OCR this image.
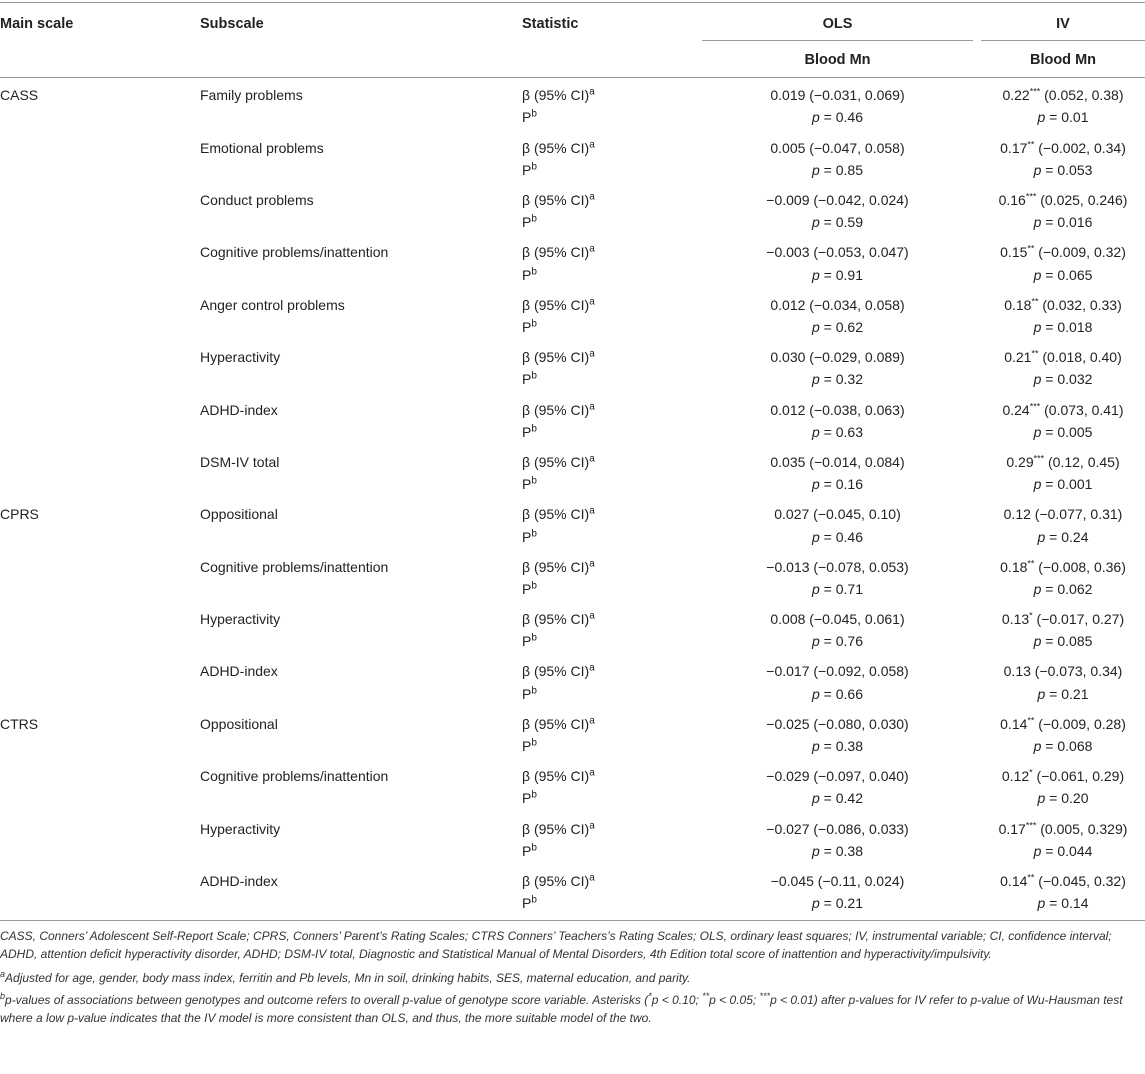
Main scale	Subscale	Statistic	OLS	IV

			Blood Mn	Blood Mn
CASS	Family problems	β (95% CI)$^a$	0.019 (−0.031, 0.069)	0.22*** (0.052, 0.38)
		$P^b$	p = 0.46	p = 0.01
	Emotional problems	β (95% CI)$^a$	0.005 (−0.047, 0.058)	0.17** (−0.002, 0.34)
		$P^b$	p = 0.85	p = 0.053
	Conduct problems	β (95% CI)$^a$	−0.009 (−0.042, 0.024)	0.16*** (0.025, 0.246)
		$P^b$	p = 0.59	p = 0.016
	Cognitive problems/inattention	β (95% CI)$^a$	−0.003 (−0.053, 0.047)	0.15** (−0.009, 0.32)
		$P^b$	p = 0.91	p = 0.065
	Anger control problems	β (95% CI)$^a$	0.012 (−0.034, 0.058)	0.18** (0.032, 0.33)
		$P^b$	p = 0.62	p = 0.018
	Hyperactivity	β (95% CI)$^a$	0.030 (−0.029, 0.089)	0.21** (0.018, 0.40)
		$P^b$	p = 0.32	p = 0.032
	ADHD-index	β (95% CI)$^a$	0.012 (−0.038, 0.063)	0.24*** (0.073, 0.41)
		$P^b$	p = 0.63	p = 0.005
	DSM-IV total	β (95% CI)$^a$	0.035 (−0.014, 0.084)	0.29*** (0.12, 0.45)
		$P^b$	p = 0.16	p = 0.001
CPRS	Oppositional	β (95% CI)$^a$	0.027 (−0.045, 0.10)	0.12 (−0.077, 0.31)
		$P^b$	p = 0.46	p = 0.24
	Cognitive problems/inattention	β (95% CI)$^a$	−0.013 (−0.078, 0.053)	0.18** (−0.008, 0.36)
		$P^b$	p = 0.71	p = 0.062
	Hyperactivity	β (95% CI)$^a$	0.008 (−0.045, 0.061)	0.13* (−0.017, 0.27)
		$P^b$	p = 0.76	p = 0.085
	ADHD-index	β (95% CI)$^a$	−0.017 (−0.092, 0.058)	0.13 (−0.073, 0.34)
		$P^b$	p = 0.66	p = 0.21
CTRS	Oppositional	β (95% CI)$^a$	−0.025 (−0.080, 0.030)	0.14** (−0.009, 0.28)
		$P^b$	p = 0.38	p = 0.068
	Cognitive problems/inattention	β (95% CI)$^a$	−0.029 (−0.097, 0.040)	0.12* (−0.061, 0.29)
		$P^b$	p = 0.42	p = 0.20
	Hyperactivity	β (95% CI)$^a$	−0.027 (−0.086, 0.033)	0.17*** (0.005, 0.329)
		$P^b$	p = 0.38	p = 0.044
	ADHD-index	β (95% CI)$^a$	−0.045 (−0.11, 0.024)	0.14** (−0.045, 0.32)
		$P^b$	p = 0.21	p = 0.14

CASS, Conners’ Adolescent Self-Report Scale; CPRS, Conners’ Parent’s Rating Scales; CTRS Conners’ Teachers’s Rating Scales; OLS, ordinary least squares; IV, instrumental variable; CI, confidence interval; ADHD, attention deficit hyperactivity disorder, ADHD; DSM-IV total, Diagnostic and Statistical Manual of Mental Disorders, 4th Edition total score of inattention and hyperactivity/impulsivity.

$^a$Adjusted for age, gender, body mass index, ferritin and Pb levels, Mn in soil, drinking habits, SES, maternal education, and parity.

$^b$p-values of associations between genotypes and outcome refers to overall p-value of genotype score variable. Asterisks (*p < 0.10; **p < 0.05; ***p < 0.01) after p-values for IV refer to p-value of Wu-Hausman test where a low p-value indicates that the IV model is more consistent than OLS, and thus, the more suitable model of the two.
